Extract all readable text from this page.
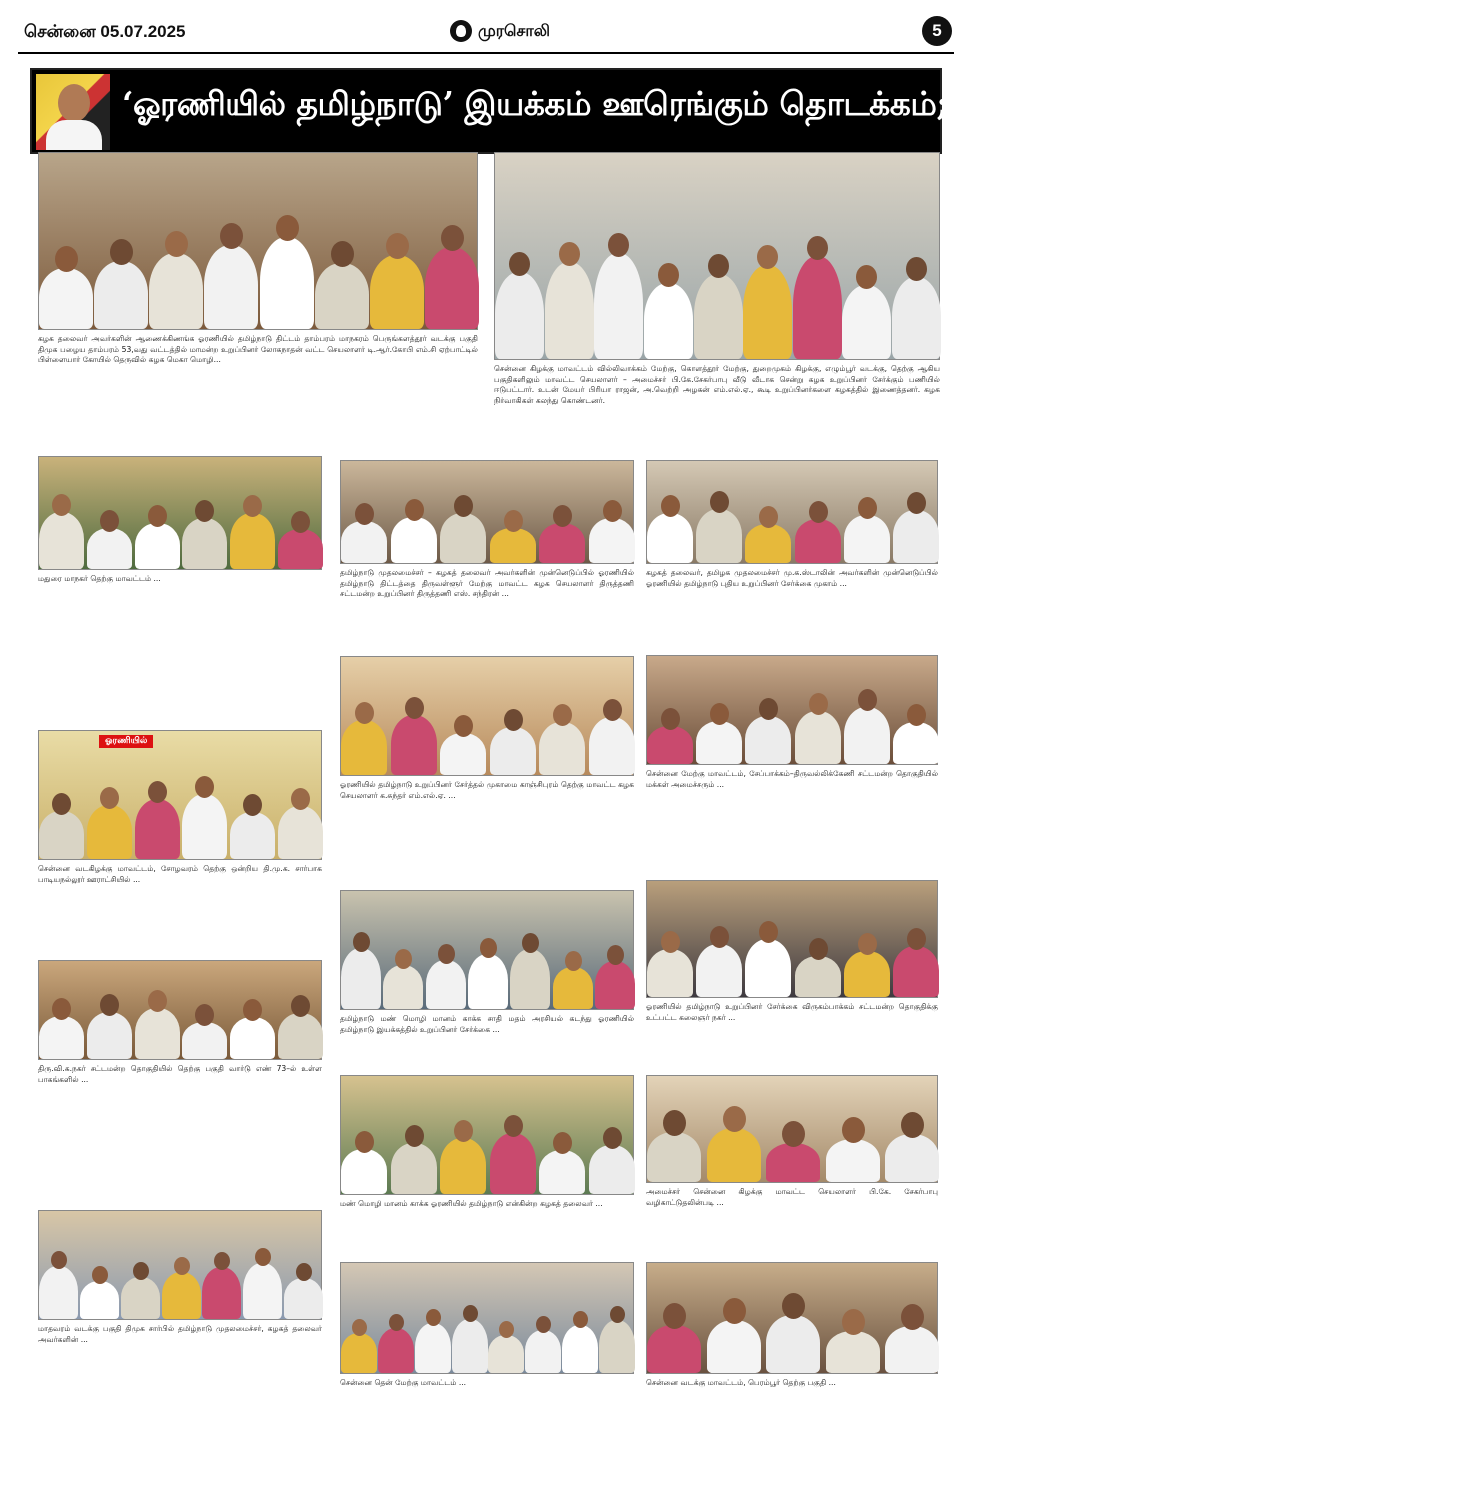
சென்னை 05.07.2025	முரசொலி	5
‘ஓரணியில் தமிழ்நாடு’ இயக்கம் ஊரெங்கும் தொடக்கம்; உற்சாக வெள்ளத்தில் தமிழ் மக்கள்!
கழக தலைவர் அவர்களின் ஆணைக்கிணங்க ஓரணியில் தமிழ்நாடு திட்டம் தாம்பரம் மாநகரம் பெருங்களத்தூர் வடக்கு பகுதி திமுக பழைய தாம்பரம் 53,வது வட்டத்தில் மாமன்ற உறுப்பினர் லோகநாதன் வட்ட செயலாளர் டி.ஆர்.கோபி எம்.சி ஏற்பாட்டில் பிள்ளையார் கோயில் தெருவில் கழக மெகா மொழி...
சென்னை கிழக்கு மாவட்டம் வில்லிவாக்கம் மேற்கு, கொளத்தூர் மேற்கு, துறைமுகம் கிழக்கு, எழும்பூர் வடக்கு, தெற்கு ஆகிய பகுதிகளிலும் மாவட்ட செயலாளர் – அமைச்சர் பி.கே.சேகர்பாபு வீடு வீடாக சென்று கழக உறுப்பினர் சேர்க்கும் பணியில் ஈடுபட்டார். உடன் மேயர் பிரியா ராஜன், அ.வெற்றி அழகன் எம்.எல்.ஏ., கூடி உறுப்பினர்களை கழகத்தில் இணைத்தனர். கழக நிர்வாகிகள் கலந்து கொண்டனர்.
மதுரை மாநகர் தெற்கு மாவட்டம் ...
தமிழ்நாடு முதலமைச்சர் – கழகத் தலைவர் அவர்களின் முன்னெடுப்பில் ஓரணியில் தமிழ்நாடு திட்டத்தை திருவள்ளூர் மேற்கு மாவட்ட கழக செயலாளர் திருத்தணி சட்டமன்ற உறுப்பினர் திருத்தணி எஸ். சந்திரன் ...
கழகத் தலைவர், தமிழக முதலமைச்சர் மு.க.ஸ்டாலின் அவர்களின் முன்னெடுப்பில் ஓரணியில் தமிழ்நாடு புதிய உறுப்பினர் சேர்க்கை முகாம் ...
ஓரணியில்
சென்னை வடகிழக்கு மாவட்டம், சோழவரம் தெற்கு ஒன்றிய தி.மு.க. சார்பாக பாடியநல்லூர் ஊராட்சியில் ...
ஓரணியில் தமிழ்நாடு உறுப்பினர் சேர்த்தல் முகாமை காஞ்சிபுரம் தெற்கு மாவட்ட கழக செயலாளர் க.சுந்தர் எம்.எல்.ஏ. ...
சென்னை மேற்கு மாவட்டம், சேப்பாக்கம்–திருவல்லிக்கேணி சட்டமன்ற தொகுதியில் மக்கள் அமைச்சரும் ...
திரு.வி.க.நகர் சட்டமன்ற தொகுதியில் தெற்கு பகுதி வார்டு எண் 73–ல் உள்ள பாகங்களில் ...
தமிழ்நாடு மண் மொழி மானம் காக்க சாதி மதம் அரசியல் கடந்து ஓரணியில் தமிழ்நாடு இயக்கத்தில் உறுப்பினர் சேர்க்கை ...
ஓரணியில் தமிழ்நாடு உறுப்பினர் சேர்க்கை விருகம்பாக்கம் சட்டமன்ற தொகுதிக்கு உட்பட்ட கலைஞர் நகர் ...
மாதவரம் வடக்கு பகுதி திமுக சார்பில் தமிழ்நாடு முதலமைச்சர், கழகத் தலைவர் அவர்களின் ...
மண் மொழி மானம் காக்க ஓரணியில் தமிழ்நாடு என்கின்ற கழகத் தலைவர் ...
அமைச்சர் சென்னை கிழக்கு மாவட்ட செயலாளர் பி.கே. சேகர்பாபு வழிகாட்டுதலின்படி ...
சென்னை தென் மேற்கு மாவட்டம் ...	சென்னை வடக்கு மாவட்டம், பெரம்பூர் தெற்கு பகுதி ...
